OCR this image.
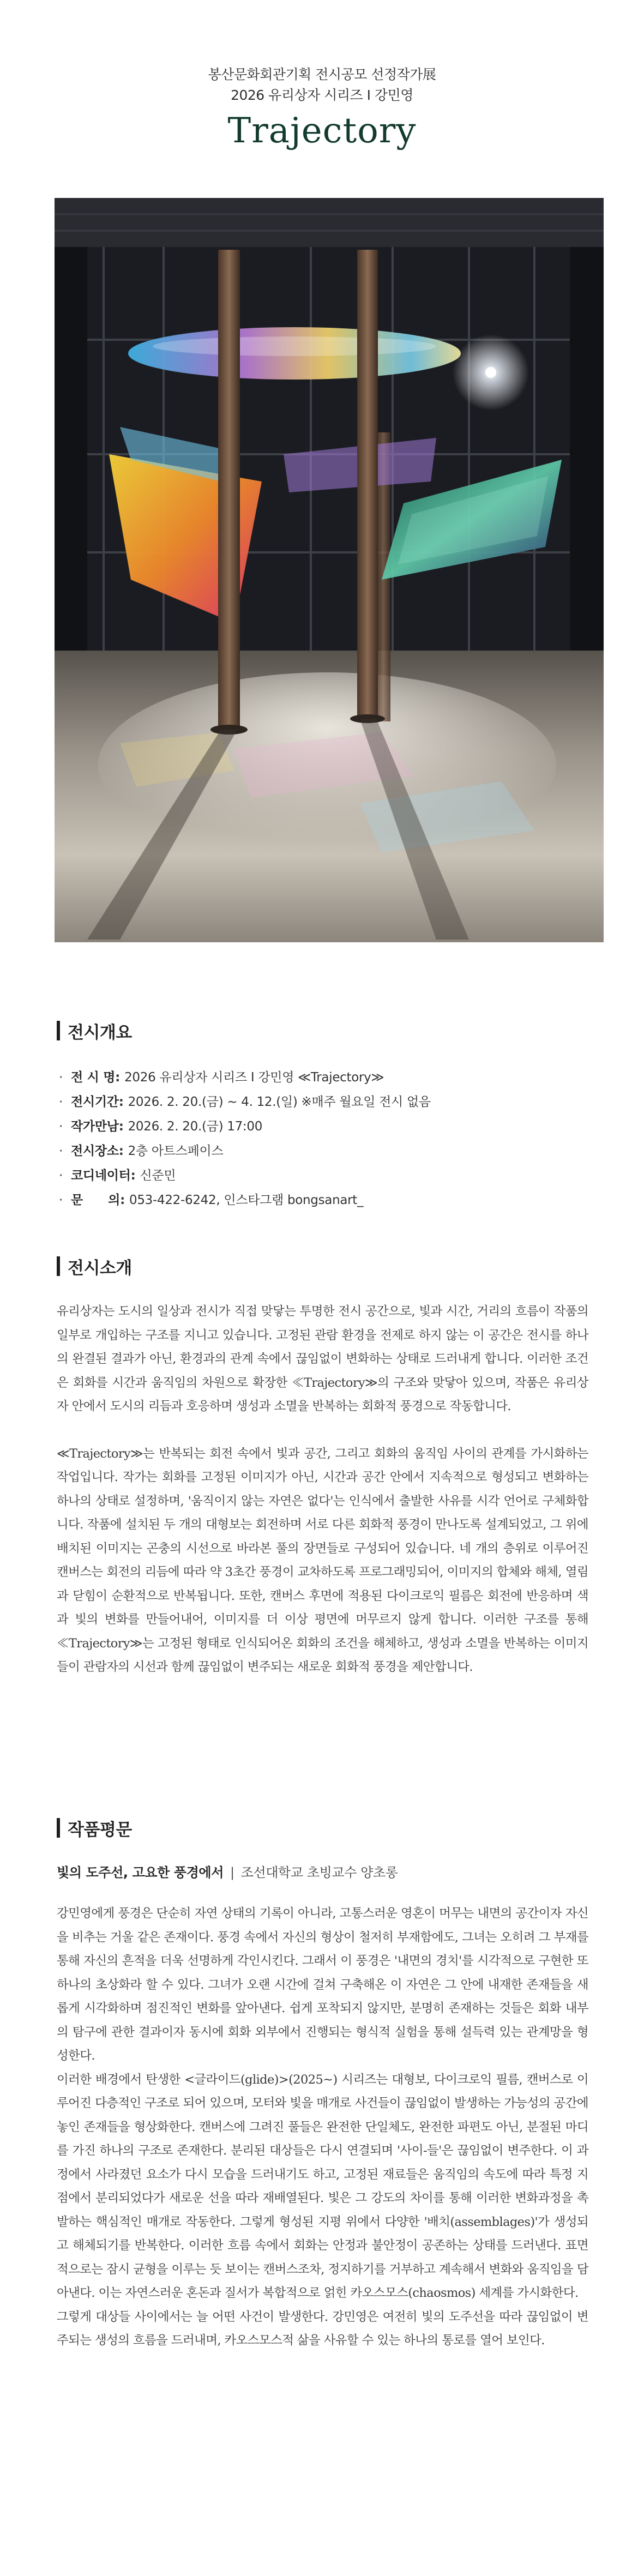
봉산문화회관기획 전시공모 선정작가展
2026 유리상자 시리즈 Ⅰ 강민영
Trajectory
전시개요
· 전 시 명 : 2026 유리상자 시리즈 Ⅰ 강민영 ≪Trajectory≫
· 전시기간 : 2026. 2. 20.(금) ~ 4. 12.(일) ※매주 월요일 전시 없음
· 작가만남 : 2026. 2. 20.(금) 17:00
· 전시장소 : 2층 아트스페이스
· 코디네이터 : 신준민
· 문      의 : 053-422-6242, 인스타그램 bongsanart_
전시소개

유리상자는 도시의 일상과 전시가 직접 맞닿는 투명한 전시 공간으로, 빛과 시간, 거리의 흐름이 작품의 일부로 개입하는 구조를 지니고 있습니다. 고정된 관람 환경을 전제로 하지 않는 이 공간은 전시를 하나의 완결된 결과가 아닌, 환경과의 관계 속에서 끊임없이 변화하는 상태로 드러내게 합니다. 이러한 조건은 회화를 시간과 움직임의 차원으로 확장한 ≪Trajectory≫의 구조와 맞닿아 있으며, 작품은 유리상자 안에서 도시의 리듬과 호응하며 생성과 소멸을 반복하는 회화적 풍경으로 작동합니다.

≪Trajectory≫는 반복되는 회전 속에서 빛과 공간, 그리고 회화의 움직임 사이의 관계를 가시화하는 작업입니다. 작가는 회화를 고정된 이미지가 아닌, 시간과 공간 안에서 지속적으로 형성되고 변화하는 하나의 상태로 설정하며, '움직이지 않는 자연은 없다'는 인식에서 출발한 사유를 시각 언어로 구체화합니다. 작품에 설치된 두 개의 대형보는 회전하며 서로 다른 회화적 풍경이 만나도록 설계되었고, 그 위에 배치된 이미지는 곤충의 시선으로 바라본 풀의 장면들로 구성되어 있습니다. 네 개의 층위로 이루어진 캔버스는 회전의 리듬에 따라 약 3초간 풍경이 교차하도록 프로그래밍되어, 이미지의 합체와 해체, 열림과 닫힘이 순환적으로 반복됩니다. 또한, 캔버스 후면에 적용된 다이크로익 필름은 회전에 반응하며 색과 빛의 변화를 만들어내어, 이미지를 더 이상 평면에 머무르지 않게 합니다. 이러한 구조를 통해 ≪Trajectory≫는 고정된 형태로 인식되어온 회화의 조건을 해체하고, 생성과 소멸을 반복하는 이미지들이 관람자의 시선과 함께 끊임없이 변주되는 새로운 회화적 풍경을 제안합니다.

작품평문
빛의 도주선, 고요한 풍경에서 | 조선대학교 초빙교수 양초롱

강민영에게 풍경은 단순히 자연 상태의 기록이 아니라, 고통스러운 영혼이 머무는 내면의 공간이자 자신을 비추는 거울 같은 존재이다. 풍경 속에서 자신의 형상이 철저히 부재함에도, 그녀는 오히려 그 부재를 통해 자신의 흔적을 더욱 선명하게 각인시킨다. 그래서 이 풍경은 '내면의 경치'를 시각적으로 구현한 또 하나의 초상화라 할 수 있다. 그녀가 오랜 시간에 걸쳐 구축해온 이 자연은 그 안에 내재한 존재들을 새롭게 시각화하며 점진적인 변화를 앞아낸다. 쉽게 포착되지 않지만, 분명히 존재하는 것들은 회화 내부의 탐구에 관한 결과이자 동시에 회화 외부에서 진행되는 형식적 실험을 통해 설득력 있는 관계망을 형성한다.

이러한 배경에서 탄생한 <글라이드(glide)>(2025~) 시리즈는 대형보, 다이크로익 필름, 캔버스로 이루어진 다층적인 구조로 되어 있으며, 모터와 빛을 매개로 사건들이 끊임없이 발생하는 가능성의 공간에 놓인 존재들을 형상화한다. 캔버스에 그려진 풀들은 완전한 단일체도, 완전한 파편도 아닌, 분절된 마디를 가진 하나의 구조로 존재한다. 분리된 대상들은 다시 연결되며 '사이-들'은 끊임없이 변주한다. 이 과정에서 사라졌던 요소가 다시 모습을 드러내기도 하고, 고정된 재료들은 움직임의 속도에 따라 특정 지점에서 분리되었다가 새로운 선을 따라 재배열된다. 빛은 그 강도의 차이를 통해 이러한 변화과정을 촉발하는 핵심적인 매개로 작동한다. 그렇게 형성된 지평 위에서 다양한 '배치(assemblages)'가 생성되고 해체되기를 반복한다. 이러한 흐름 속에서 회화는 안정과 불안정이 공존하는 상태를 드러낸다. 표면적으로는 잠시 균형을 이루는 듯 보이는 캔버스조차, 정지하기를 거부하고 계속해서 변화와 움직임을 담아낸다. 이는 자연스러운 혼돈과 질서가 복합적으로 얽힌 카오스모스(chaosmos) 세계를 가시화한다.

그렇게 대상들 사이에서는 늘 어떤 사건이 발생한다. 강민영은 여전히 빛의 도주선을 따라 끊임없이 변주되는 생성의 흐름을 드러내며, 카오스모스적 삶을 사유할 수 있는 하나의 통로를 열어 보인다.
